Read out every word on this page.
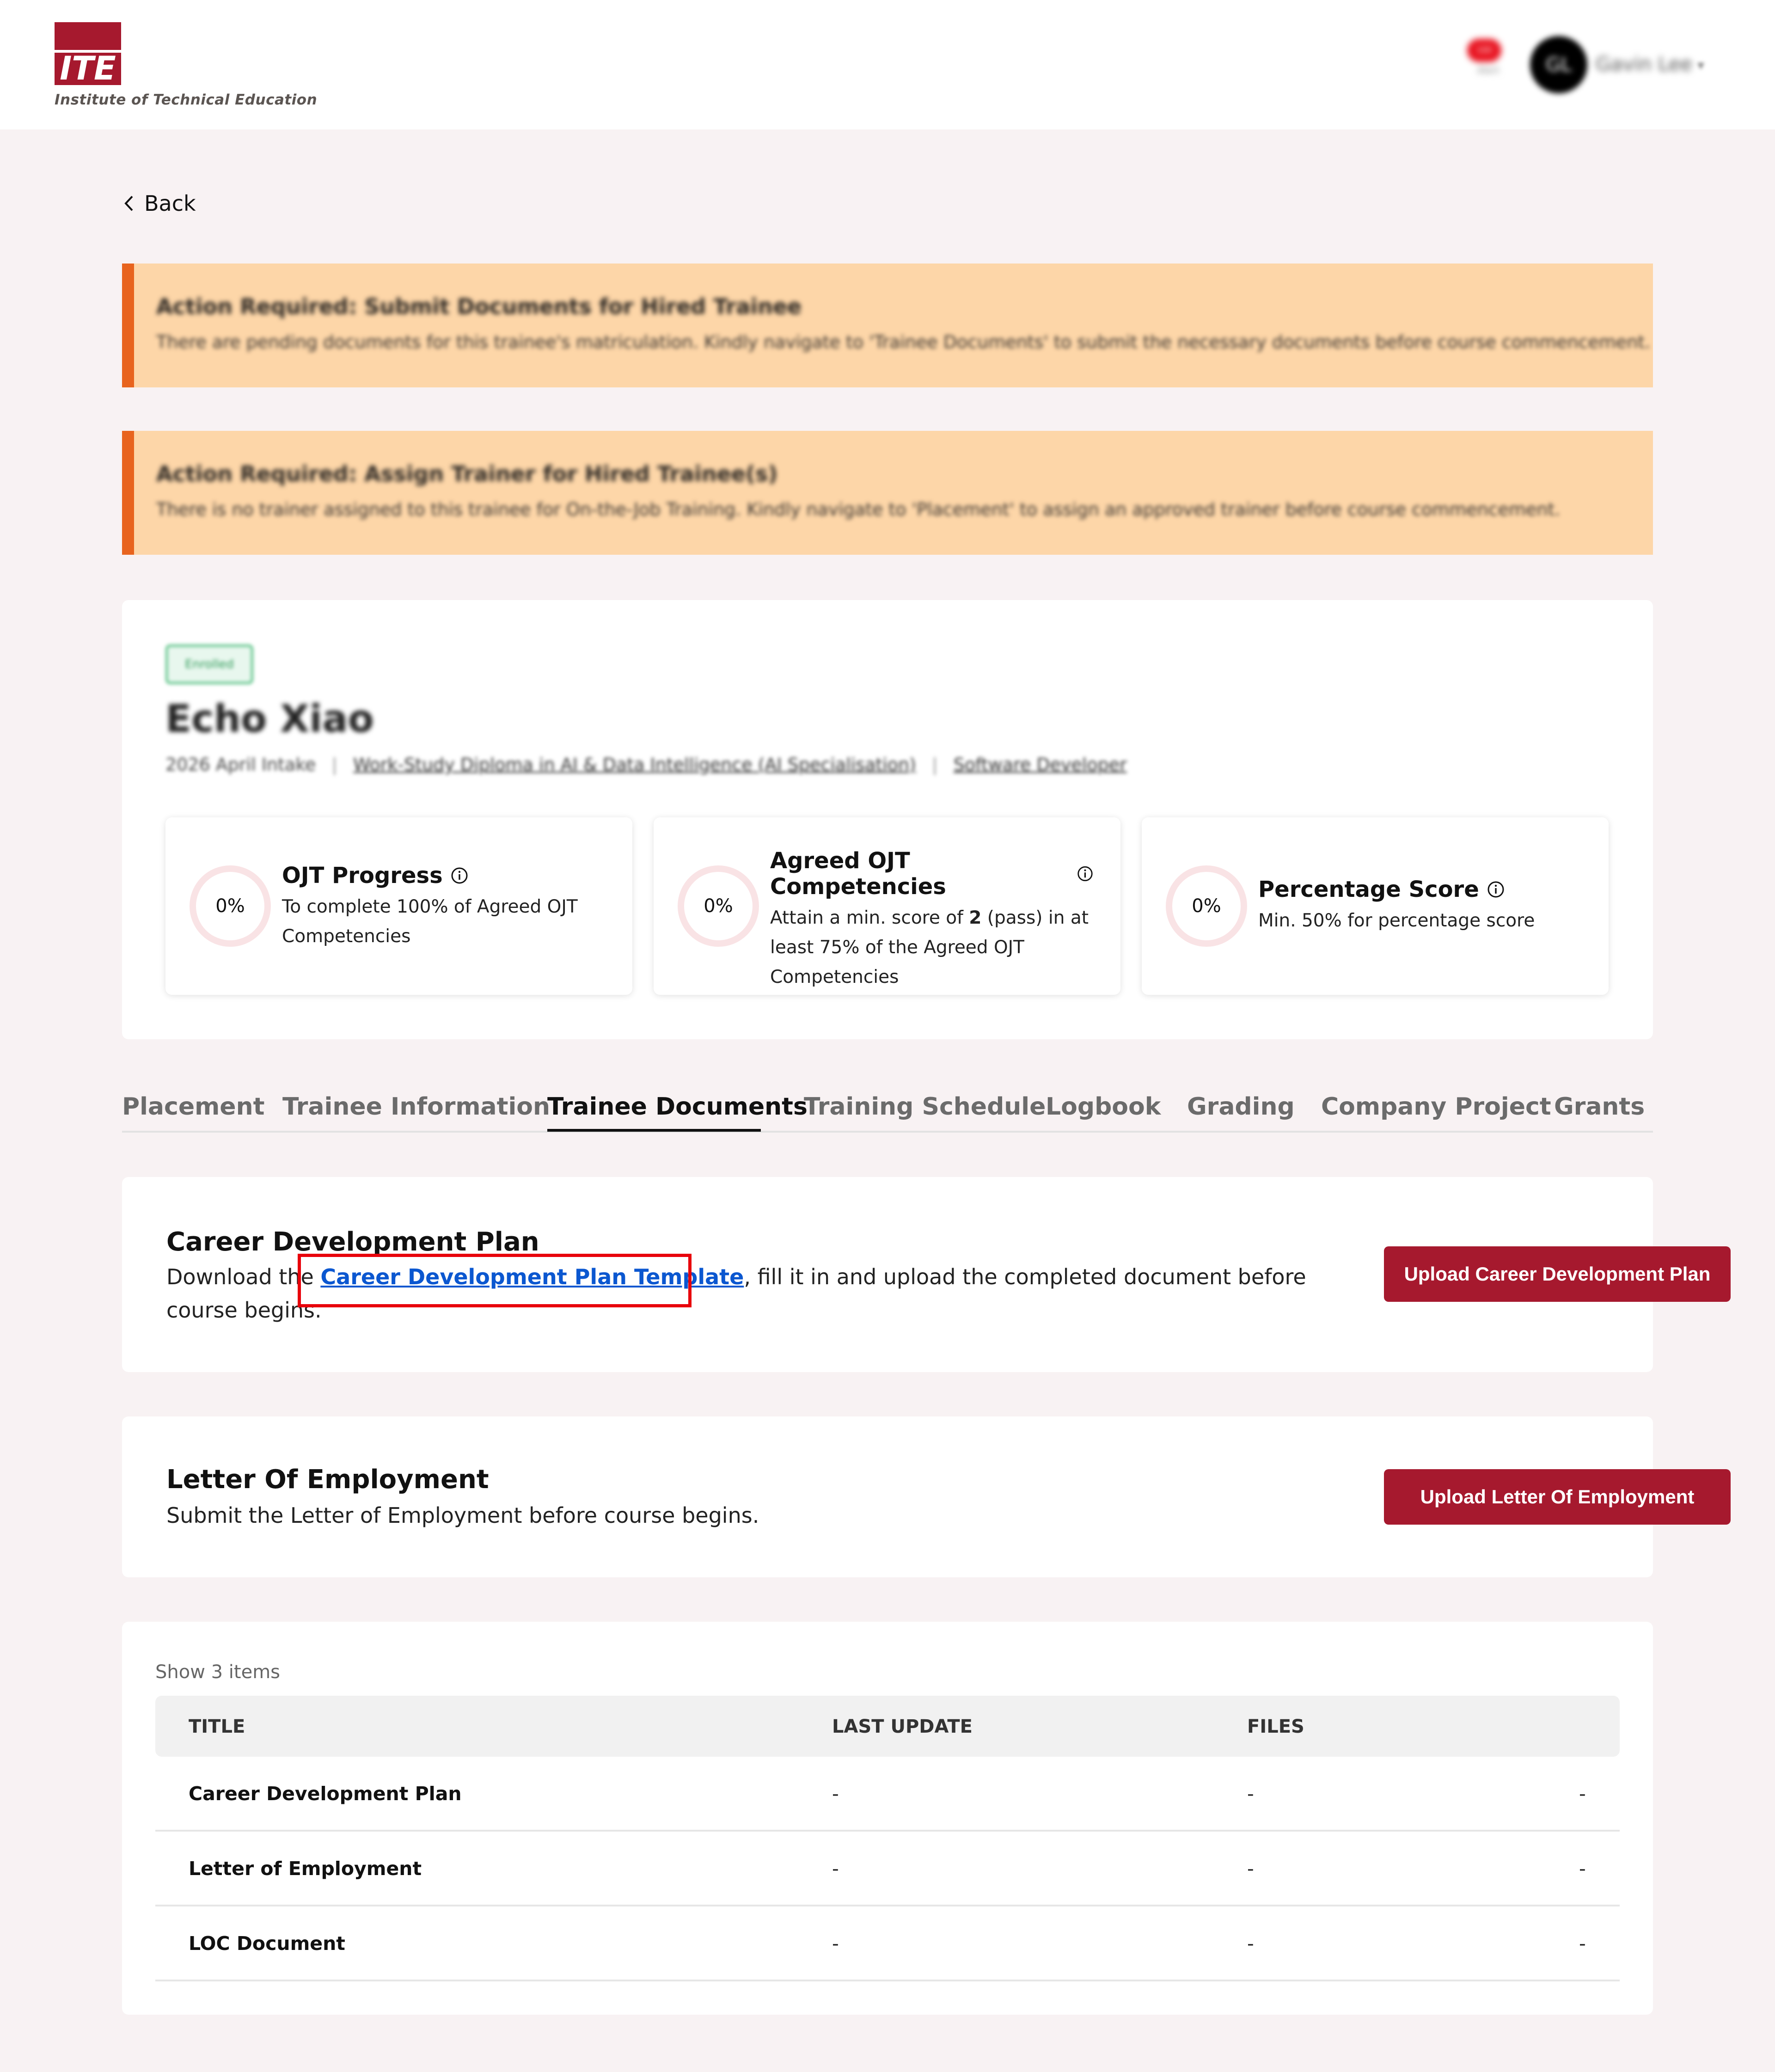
ITE
Institute of Technical Education
100
Alert	GL	Gavin Lee ▾
Back
Action Required: Submit Documents for Hired Trainee
There are pending documents for this trainee's matriculation. Kindly navigate to 'Trainee Documents' to submit the necessary documents before course commencement.
Action Required: Assign Trainer for Hired Trainee(s)
There is no trainer assigned to this trainee for On-the-Job Training. Kindly navigate to 'Placement' to assign an approved trainer before course commencement.
Enrolled
Echo Xiao
2026 April Intake | Work-Study Diploma in AI & Data Intelligence (AI Specialisation) | Software Developer
0%
OJT Progress
To complete 100% of Agreed OJT Competencies
0%
Agreed OJT Competencies
Attain a min. score of 2 (pass) in at least 75% of the Agreed OJT Competencies
0%
Percentage Score
Min. 50% for percentage score
Placement Trainee Information
Trainee Documents
Training Schedule Logbook Grading Company Project Grants
Career Development Plan
Download the Career Development Plan Template, fill it in and upload the completed document before course begins.
Upload Career Development Plan
Letter Of Employment
Submit the Letter of Employment before course begins.
Upload Letter Of Employment
Show 3 items
TITLE	LAST UPDATE	FILES
Career Development Plan	-	-	-
Letter of Employment	-	-	-
LOC Document	-	-	-
